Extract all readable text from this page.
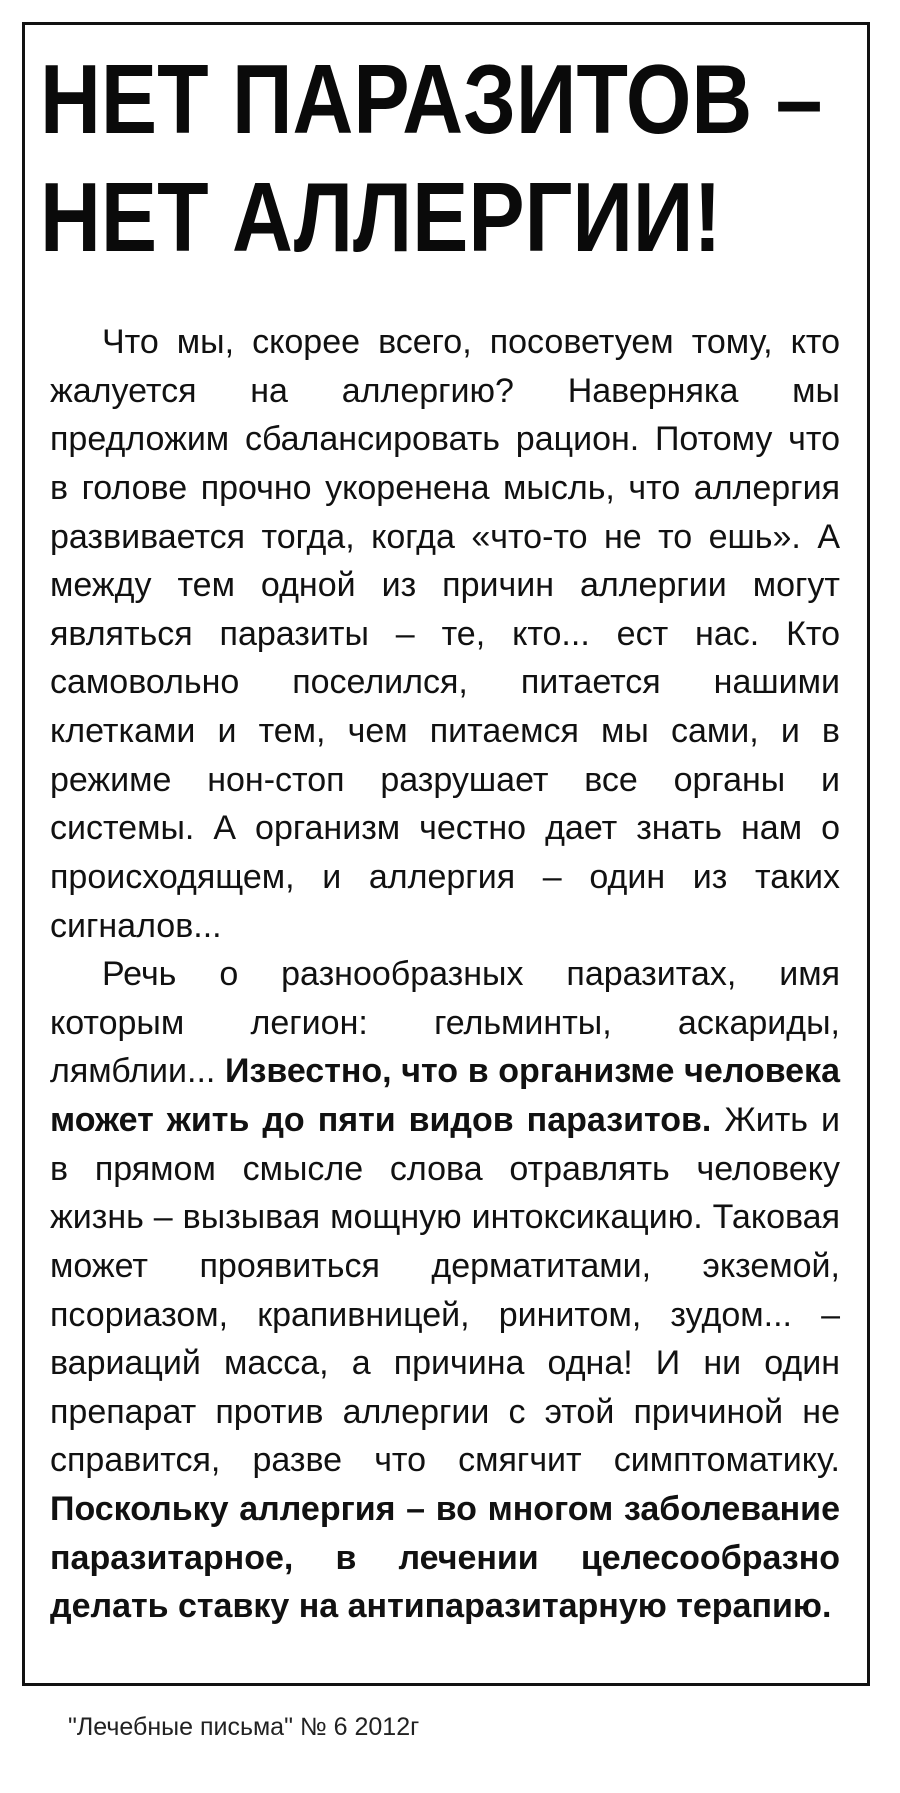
НЕТ ПАРАЗИТОВ –
НЕТ АЛЛЕРГИИ!

Что мы, скорее всего, посоветуем тому, кто жалуется на аллергию? Наверняка мы предложим сбалансировать рацион. Потому что в голове прочно укоренена мысль, что аллергия развивается тогда, когда «что-то не то ешь». А между тем одной из причин аллергии могут являться паразиты – те, кто... ест нас. Кто самовольно поселился, питается нашими клетками и тем, чем питаемся мы сами, и в режиме нон-стоп разрушает все органы и системы. А организм честно дает знать нам о происходящем, и аллергия – один из таких сигналов...

Речь о разнообразных паразитах, имя которым легион: гельминты, аскариды, лямблии... Известно, что в организме человека может жить до пяти видов паразитов. Жить и в прямом смысле слова отравлять человеку жизнь – вызывая мощную интоксикацию. Таковая может проявиться дерматитами, экземой, псориазом, крапивницей, ринитом, зудом... – вариаций масса, а причина одна! И ни один препарат против аллергии с этой причиной не справится, разве что смягчит симптоматику. Поскольку аллергия – во многом заболевание паразитарное, в лечении целесообразно делать ставку на антипаразитарную терапию.

"Лечебные письма" № 6 2012г
